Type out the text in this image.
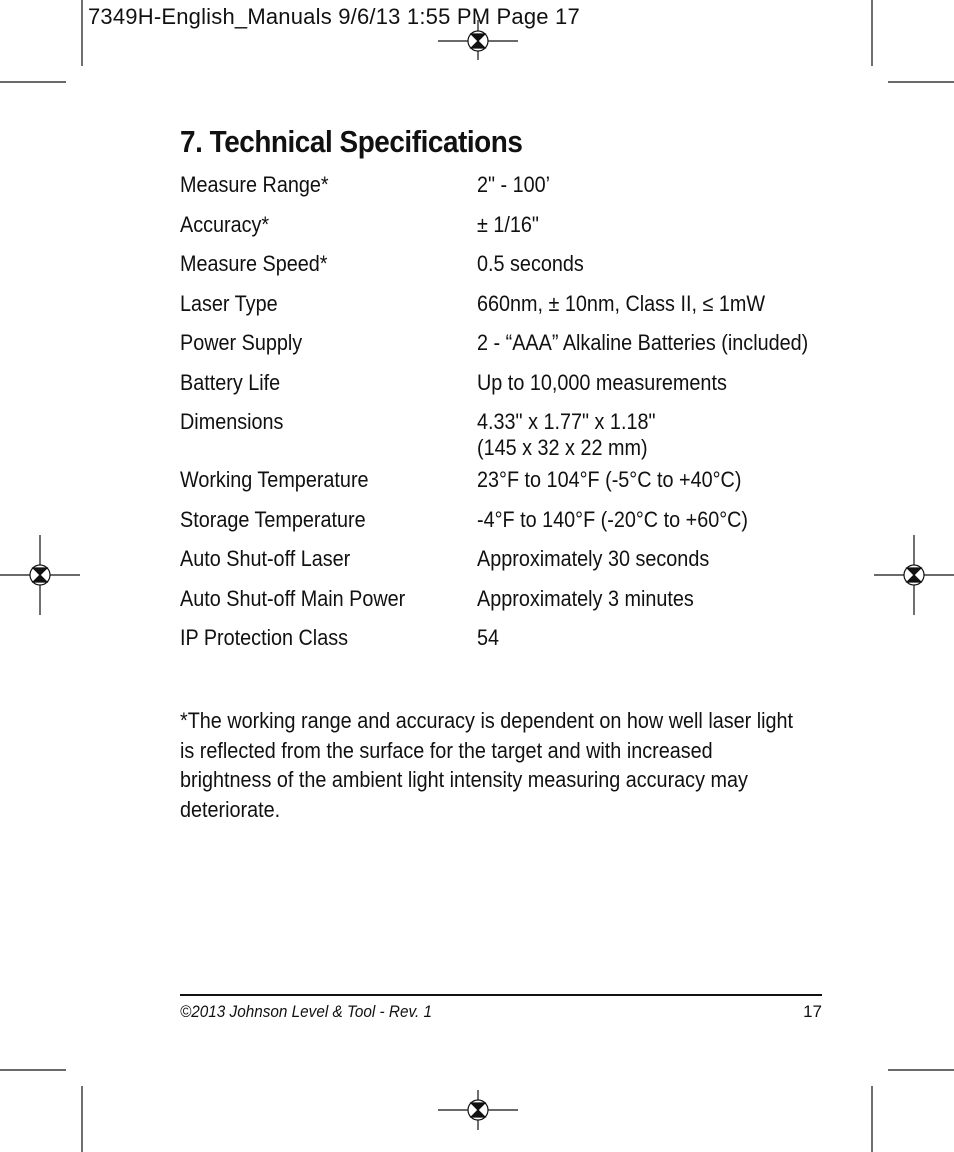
7349H-English_Manuals 9/6/13 1:55 PM Page 17
7. Technical Specifications
Measure Range*	2" - 100’
Accuracy*	± 1/16"
Measure Speed*	0.5 seconds
Laser Type	660nm, ± 10nm, Class II, ≤ 1mW
Power Supply	2 - “AAA” Alkaline Batteries (included)
Battery Life	Up to 10,000 measurements
Dimensions	4.33" x 1.77" x 1.18"
(145 x 32 x 22 mm)
Working Temperature	23°F to 104°F (-5°C to +40°C)
Storage Temperature	-4°F to 140°F (-20°C to +60°C)
Auto Shut-off Laser	Approximately 30 seconds
Auto Shut-off Main Power	Approximately 3 minutes
IP Protection Class	54

*The working range and accuracy is dependent on how well laser light is reflected from the surface for the target and with increased brightness of the ambient light intensity measuring accuracy may deteriorate.

©2013 Johnson Level & Tool - Rev. 1	17
